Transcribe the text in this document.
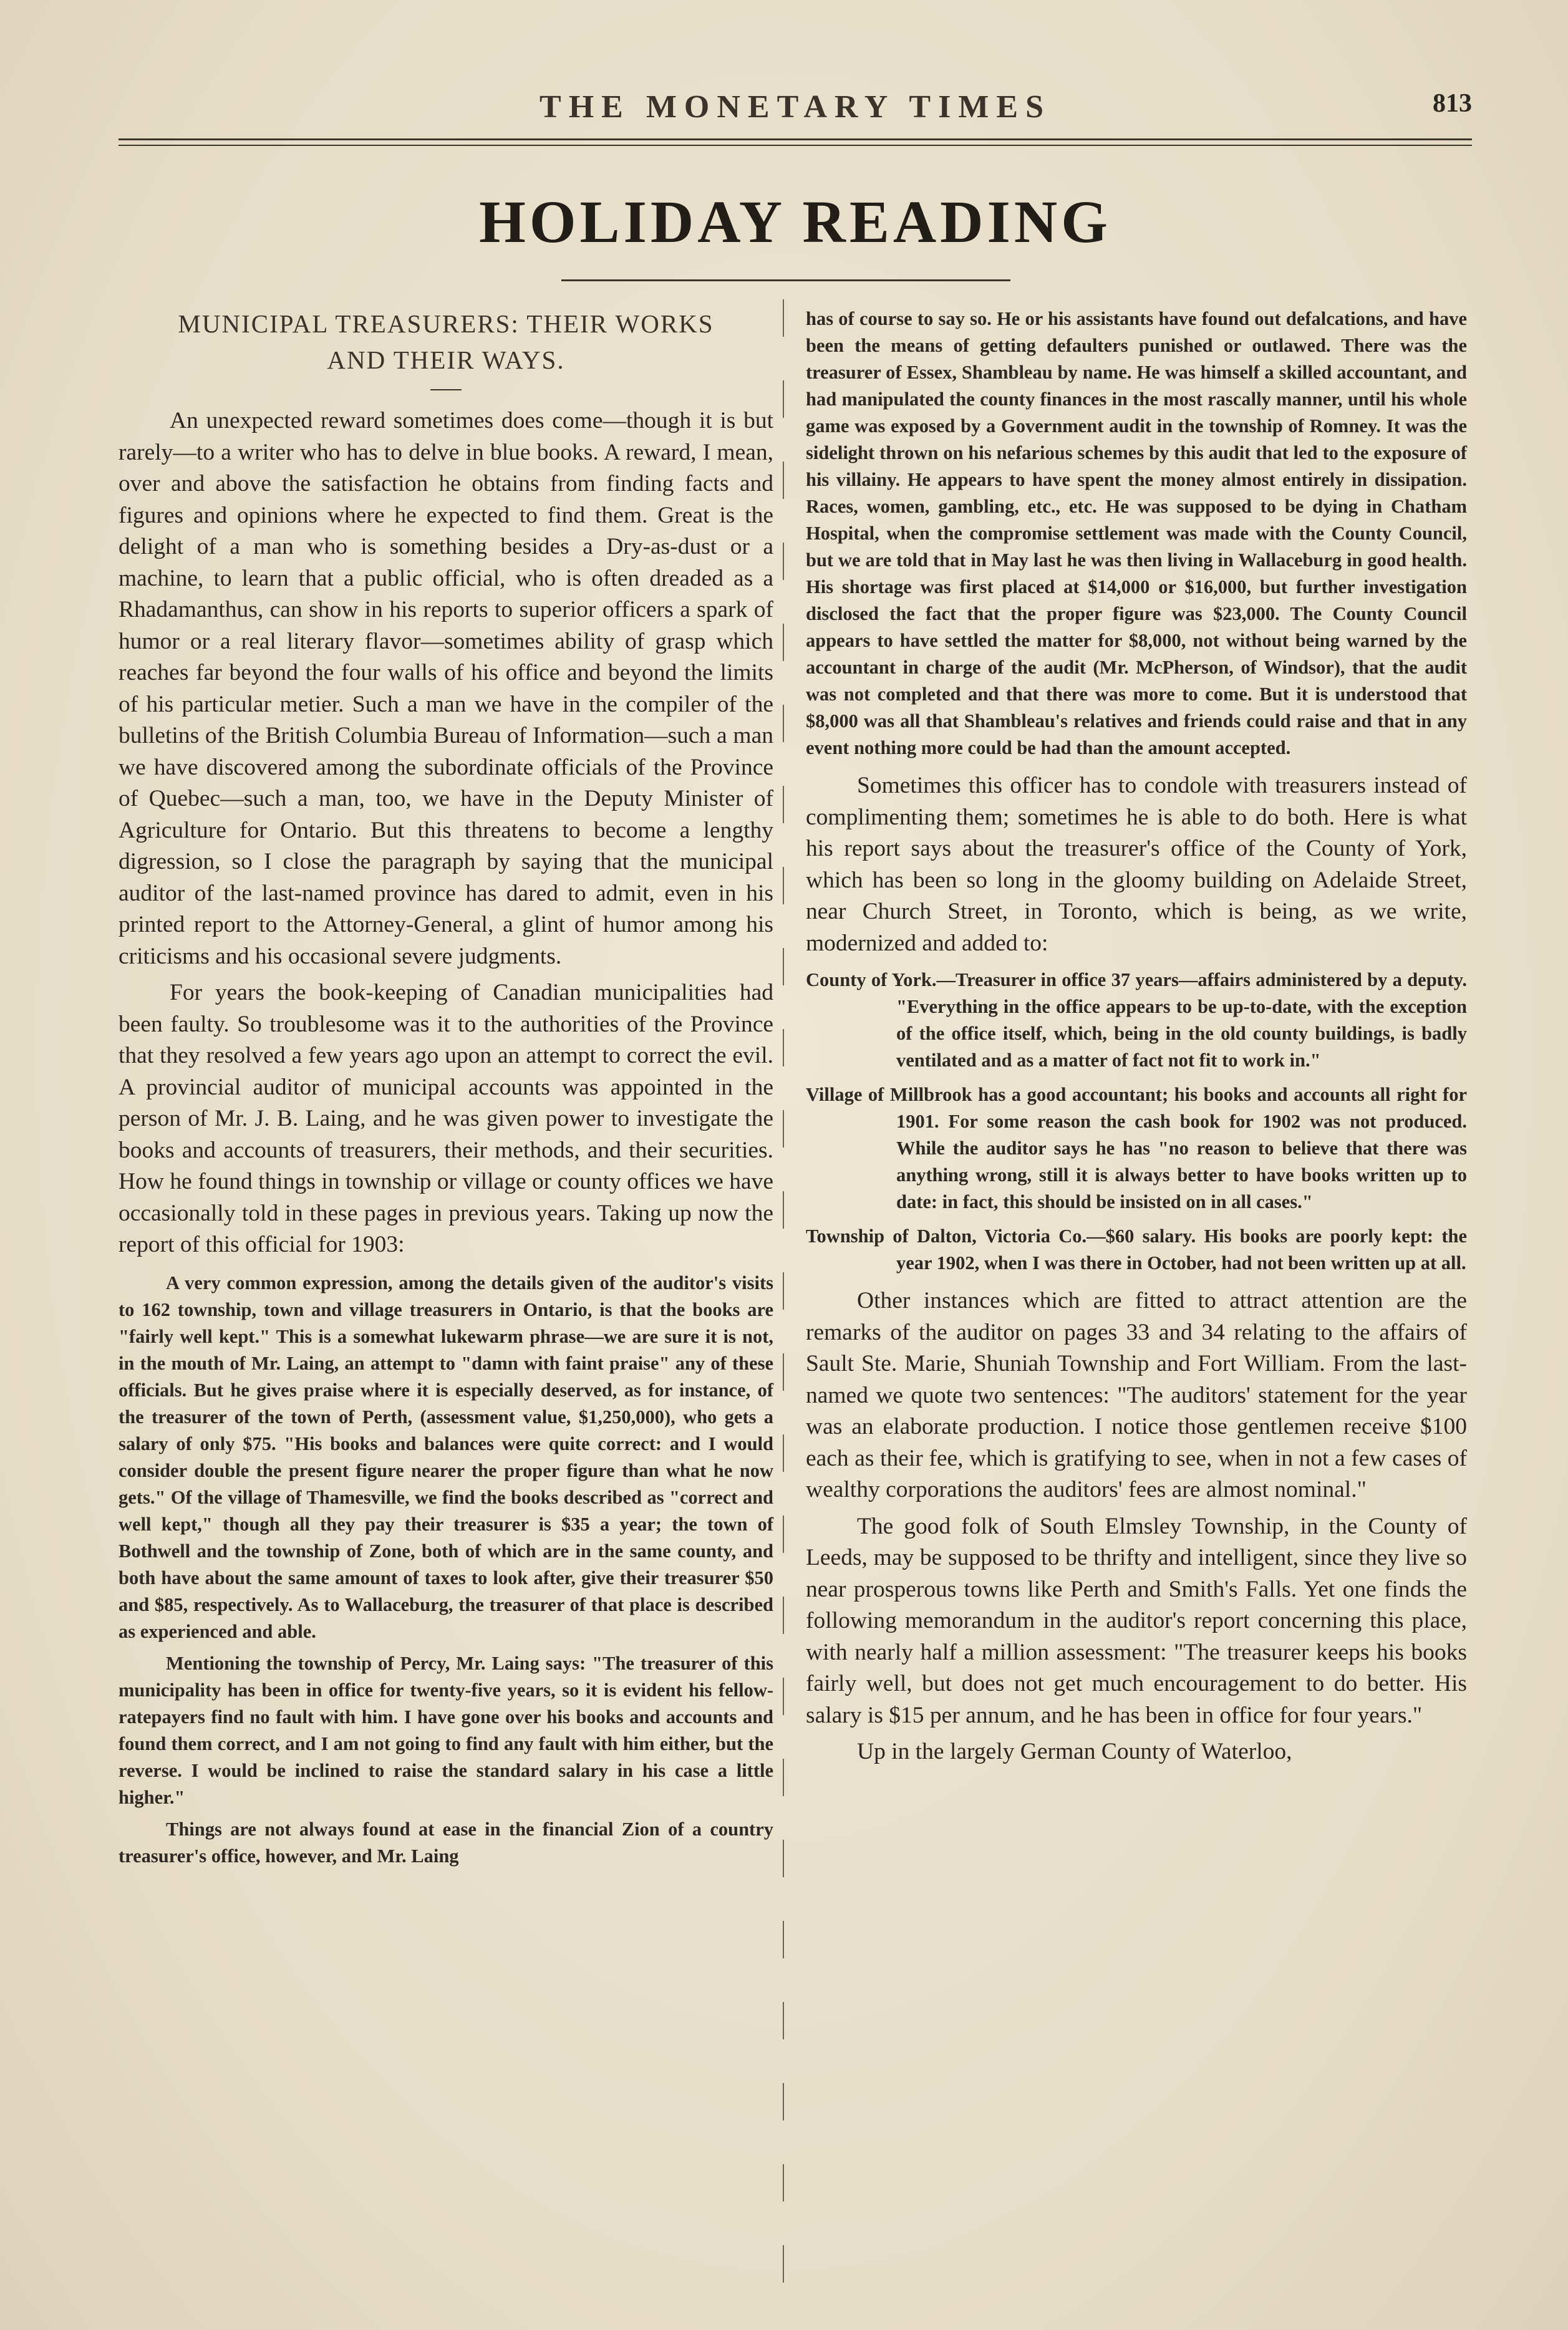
THE MONETARY TIMES	813
HOLIDAY READING
MUNICIPAL TREASURERS: THEIR WORKS
AND THEIR WAYS.

An unexpected reward sometimes does come—though it is but rarely—to a writer who has to delve in blue books. A reward, I mean, over and above the satisfaction he obtains from finding facts and figures and opinions where he expected to find them. Great is the delight of a man who is something besides a Dry-as-dust or a machine, to learn that a public official, who is often dreaded as a Rhadamanthus, can show in his reports to superior officers a spark of humor or a real literary flavor—sometimes ability of grasp which reaches far beyond the four walls of his office and beyond the limits of his particular metier. Such a man we have in the compiler of the bulletins of the British Columbia Bureau of Information—such a man we have discovered among the subordinate officials of the Province of Quebec—such a man, too, we have in the Deputy Minister of Agriculture for Ontario. But this threatens to become a lengthy digression, so I close the paragraph by saying that the municipal auditor of the last-named province has dared to admit, even in his printed report to the Attorney-General, a glint of humor among his criticisms and his occasional severe judgments.

For years the book-keeping of Canadian municipalities had been faulty. So troublesome was it to the authorities of the Province that they resolved a few years ago upon an attempt to correct the evil. A provincial auditor of municipal accounts was appointed in the person of Mr. J. B. Laing, and he was given power to investigate the books and accounts of treasurers, their methods, and their securities. How he found things in township or village or county offices we have occasionally told in these pages in previous years. Taking up now the report of this official for 1903:

A very common expression, among the details given of the auditor's visits to 162 township, town and village treasurers in Ontario, is that the books are "fairly well kept." This is a somewhat lukewarm phrase—we are sure it is not, in the mouth of Mr. Laing, an attempt to "damn with faint praise" any of these officials. But he gives praise where it is especially deserved, as for instance, of the treasurer of the town of Perth, (assessment value, $1,250,000), who gets a salary of only $75. "His books and balances were quite correct: and I would consider double the present figure nearer the proper figure than what he now gets." Of the village of Thamesville, we find the books described as "correct and well kept," though all they pay their treasurer is $35 a year; the town of Bothwell and the township of Zone, both of which are in the same county, and both have about the same amount of taxes to look after, give their treasurer $50 and $85, respectively. As to Wallaceburg, the treasurer of that place is described as experienced and able.

Mentioning the township of Percy, Mr. Laing says: "The treasurer of this municipality has been in office for twenty-five years, so it is evident his fellow-ratepayers find no fault with him. I have gone over his books and accounts and found them correct, and I am not going to find any fault with him either, but the reverse. I would be inclined to raise the standard salary in his case a little higher."

Things are not always found at ease in the financial Zion of a country treasurer's office, however, and Mr. Laing

has of course to say so. He or his assistants have found out defalcations, and have been the means of getting defaulters punished or outlawed. There was the treasurer of Essex, Shambleau by name. He was himself a skilled accountant, and had manipulated the county finances in the most rascally manner, until his whole game was exposed by a Government audit in the township of Romney. It was the sidelight thrown on his nefarious schemes by this audit that led to the exposure of his villainy. He appears to have spent the money almost entirely in dissipation. Races, women, gambling, etc., etc. He was supposed to be dying in Chatham Hospital, when the compromise settlement was made with the County Council, but we are told that in May last he was then living in Wallaceburg in good health. His shortage was first placed at $14,000 or $16,000, but further investigation disclosed the fact that the proper figure was $23,000. The County Council appears to have settled the matter for $8,000, not without being warned by the accountant in charge of the audit (Mr. McPherson, of Windsor), that the audit was not completed and that there was more to come. But it is understood that $8,000 was all that Shambleau's relatives and friends could raise and that in any event nothing more could be had than the amount accepted.

Sometimes this officer has to condole with treasurers instead of complimenting them; sometimes he is able to do both. Here is what his report says about the treasurer's office of the County of York, which has been so long in the gloomy building on Adelaide Street, near Church Street, in Toronto, which is being, as we write, modernized and added to:

County of York.—Treasurer in office 37 years—affairs administered by a deputy. "Everything in the office appears to be up-to-date, with the exception of the office itself, which, being in the old county buildings, is badly ventilated and as a matter of fact not fit to work in."
Village of Millbrook has a good accountant; his books and accounts all right for 1901. For some reason the cash book for 1902 was not produced. While the auditor says he has "no reason to believe that there was anything wrong, still it is always better to have books written up to date: in fact, this should be insisted on in all cases."
Township of Dalton, Victoria Co.—$60 salary. His books are poorly kept: the year 1902, when I was there in October, had not been written up at all.

Other instances which are fitted to attract attention are the remarks of the auditor on pages 33 and 34 relating to the affairs of Sault Ste. Marie, Shuniah Township and Fort William. From the last-named we quote two sentences: "The auditors' statement for the year was an elaborate production. I notice those gentlemen receive $100 each as their fee, which is gratifying to see, when in not a few cases of wealthy corporations the auditors' fees are almost nominal."

The good folk of South Elmsley Township, in the County of Leeds, may be supposed to be thrifty and intelligent, since they live so near prosperous towns like Perth and Smith's Falls. Yet one finds the following memorandum in the auditor's report concerning this place, with nearly half a million assessment: "The treasurer keeps his books fairly well, but does not get much encouragement to do better. His salary is $15 per annum, and he has been in office for four years."

Up in the largely German County of Waterloo,
